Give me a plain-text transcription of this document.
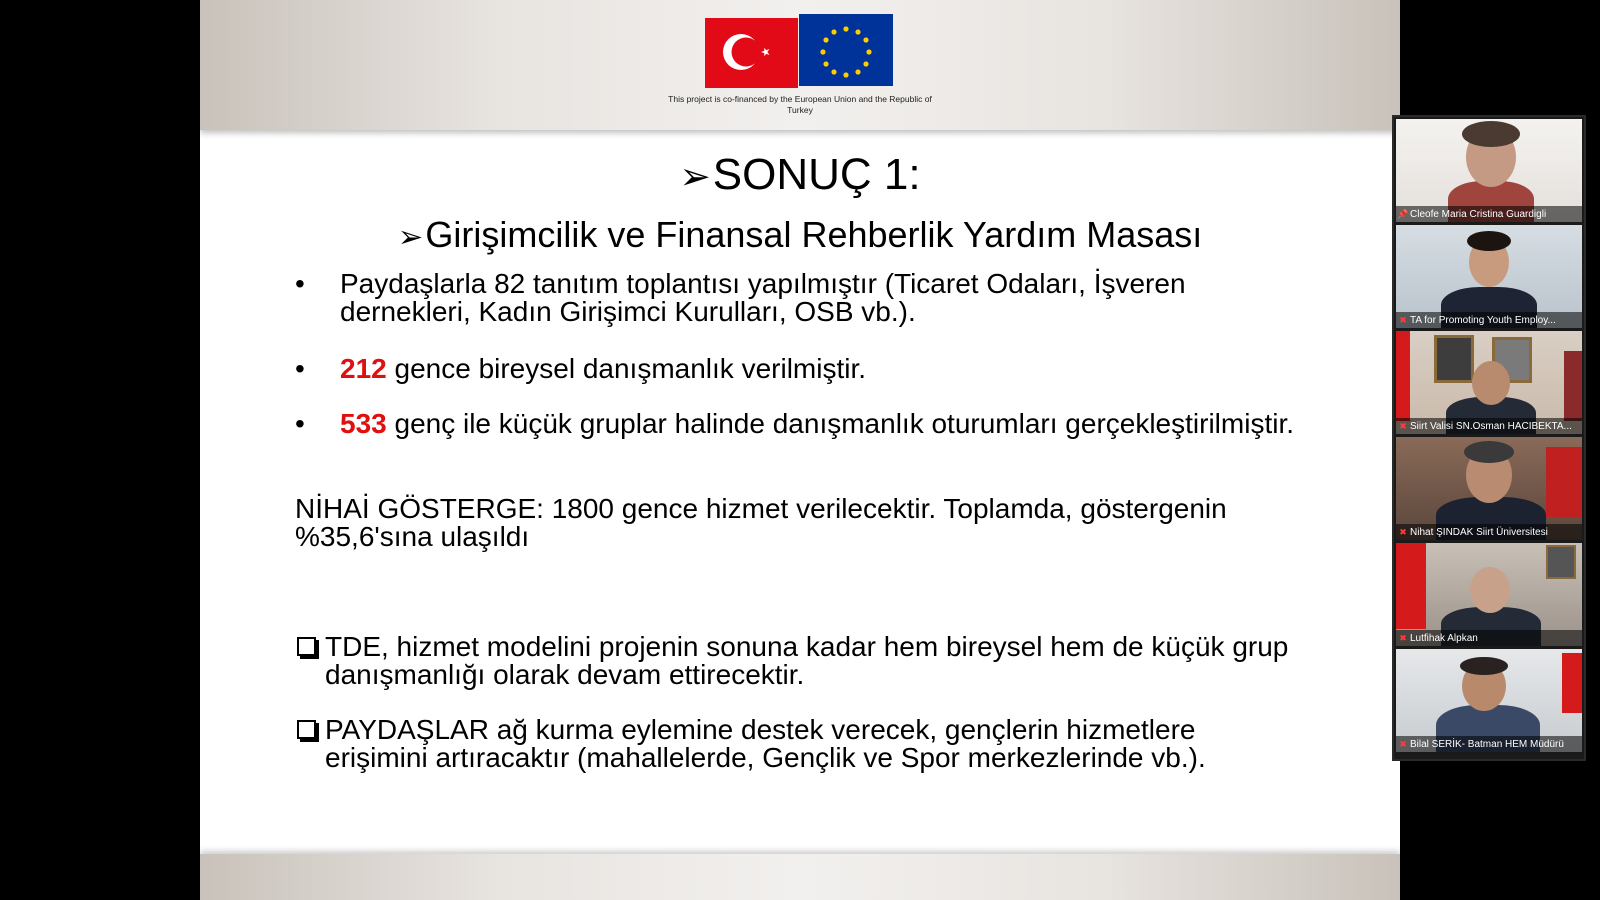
This project is co-financed by the European Union and the Republic of Turkey
➢SONUÇ 1:
➢Girişimcilik ve Finansal Rehberlik Yardım Masası
•	Paydaşlarla 82 tanıtım toplantısı yapılmıştır (Ticaret Odaları, İşveren dernekleri, Kadın Girişimci Kurulları, OSB vb.).
•	212 gence bireysel danışmanlık verilmiştir.
•	533 genç ile küçük gruplar halinde danışmanlık oturumları gerçekleştirilmiştir.
NİHAİ GÖSTERGE: 1800 gence hizmet verilecektir. Toplamda, göstergenin %35,6'sına ulaşıldı
TDE, hizmet modelini projenin sonuna kadar hem bireysel hem de küçük grup danışmanlığı olarak devam ettirecektir.
PAYDAŞLAR ağ kurma eylemine destek verecek, gençlerin hizmetlere erişimini artıracaktır (mahallelerde, Gençlik ve Spor merkezlerinde vb.).
📌Cleofe Maria Cristina Guardigli
✖ TA for Promoting Youth Employ...
✖ Siirt Valisi SN.Osman HACIBEKTA...
✖ Nihat ŞINDAK Siirt Üniversitesi
✖ Lutfihak Alpkan
✖ Bilal SERİK- Batman HEM Müdürü
